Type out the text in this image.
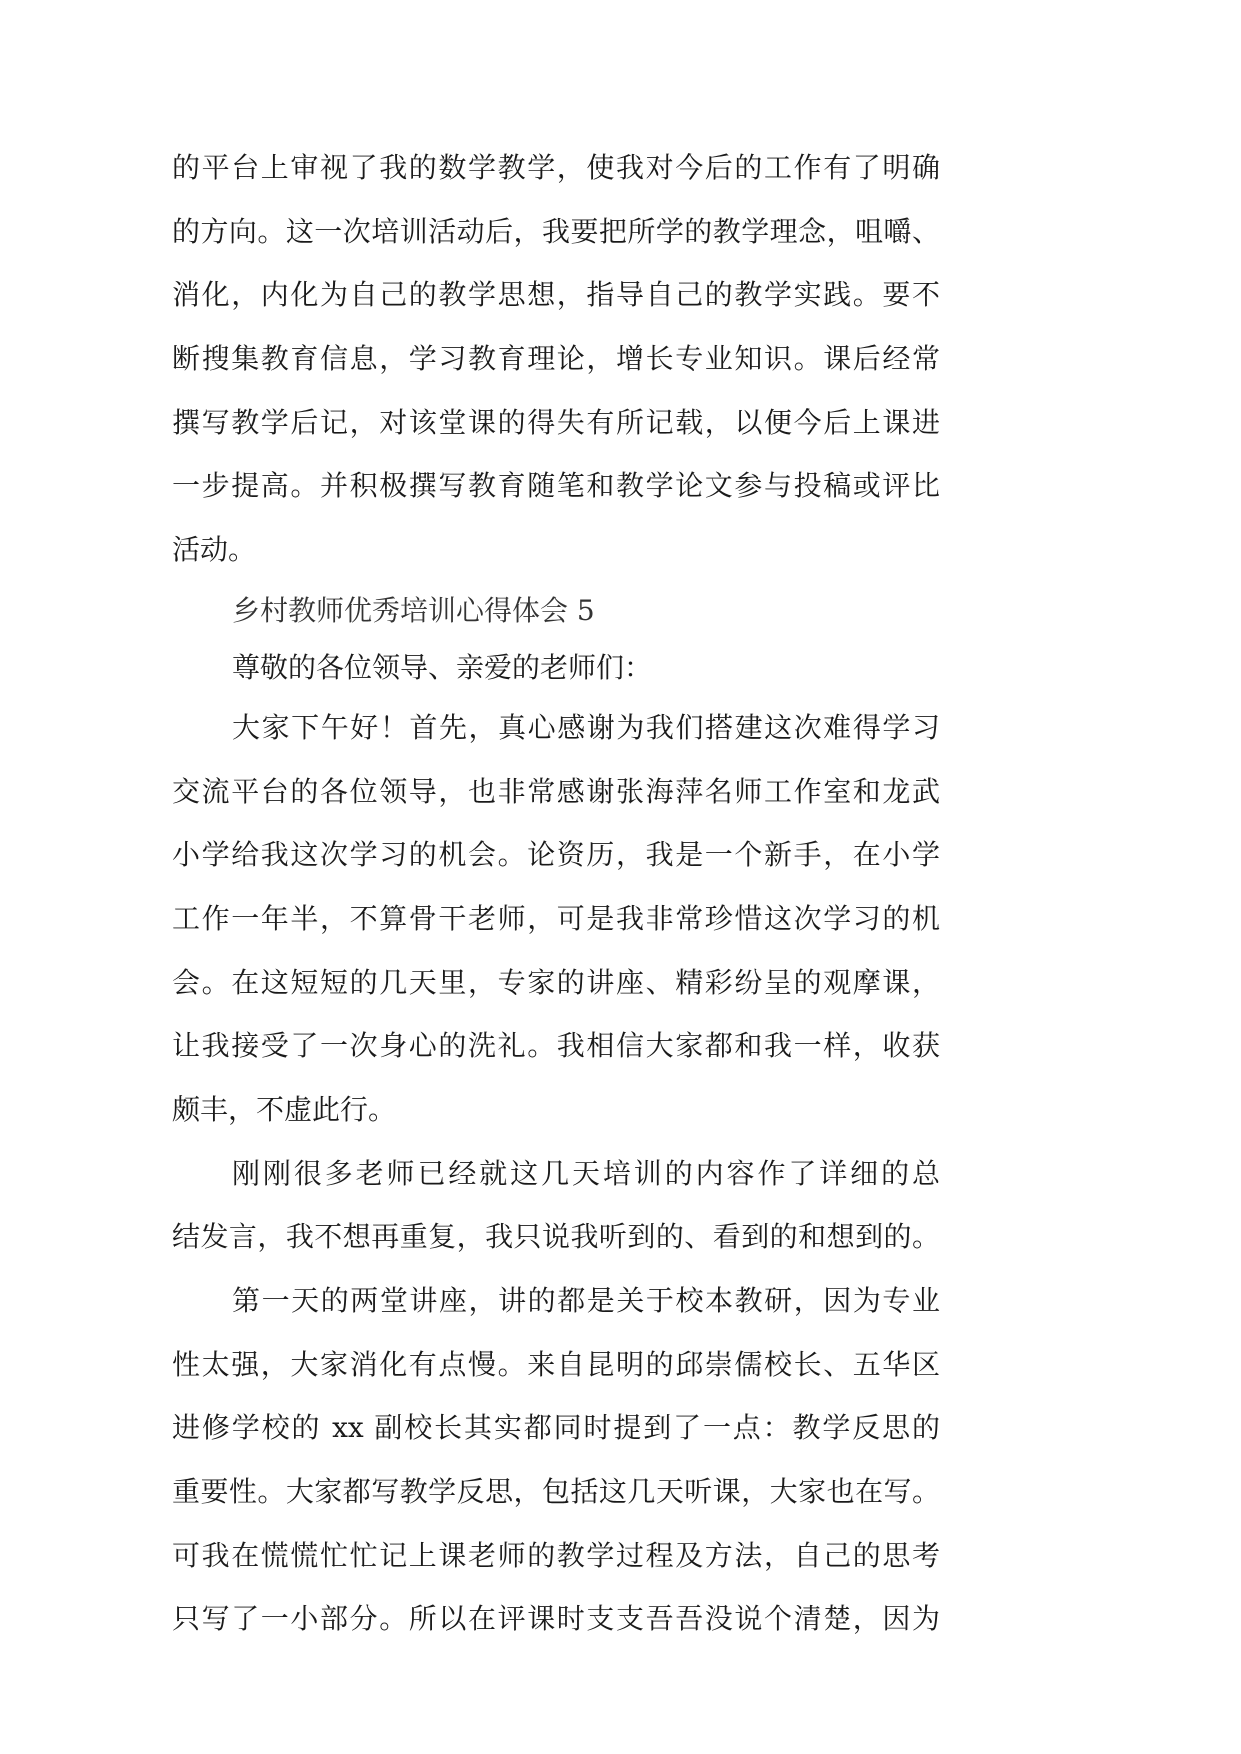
的平台上审视了我的数学教学，使我对今后的工作有了明确
的方向。这一次培训活动后，我要把所学的教学理念，咀嚼、
消化，内化为自己的教学思想，指导自己的教学实践。要不
断搜集教育信息，学习教育理论，增长专业知识。课后经常
撰写教学后记，对该堂课的得失有所记载，以便今后上课进
一步提高。并积极撰写教育随笔和教学论文参与投稿或评比
活动。
乡村教师优秀培训心得体会 5
尊敬的各位领导、亲爱的老师们：
大家下午好！首先，真心感谢为我们搭建这次难得学习
交流平台的各位领导，也非常感谢张海萍名师工作室和龙武
小学给我这次学习的机会。论资历，我是一个新手，在小学
工作一年半，不算骨干老师，可是我非常珍惜这次学习的机
会。在这短短的几天里，专家的讲座、精彩纷呈的观摩课，
让我接受了一次身心的洗礼。我相信大家都和我一样，收获
颇丰，不虚此行。
刚刚很多老师已经就这几天培训的内容作了详细的总
结发言，我不想再重复，我只说我听到的、看到的和想到的。
第一天的两堂讲座，讲的都是关于校本教研，因为专业
性太强，大家消化有点慢。来自昆明的邱崇儒校长、五华区
进修学校的 xx 副校长其实都同时提到了一点：教学反思的
重要性。大家都写教学反思，包括这几天听课，大家也在写。
可我在慌慌忙忙记上课老师的教学过程及方法，自己的思考
只写了一小部分。所以在评课时支支吾吾没说个清楚，因为
